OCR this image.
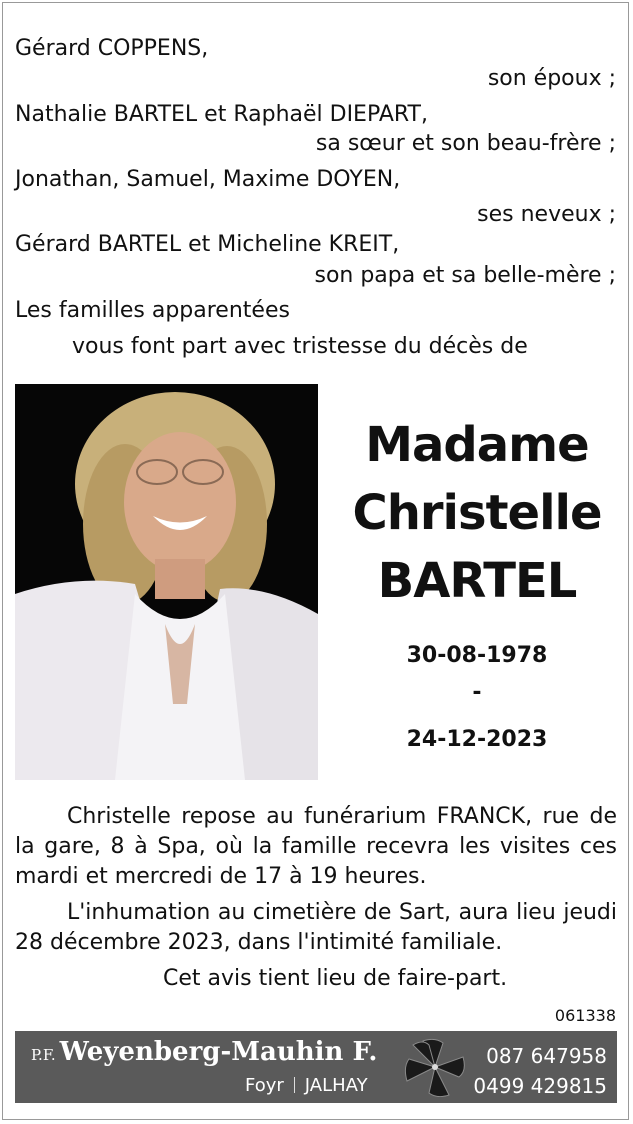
Gérard COPPENS,
son époux ;
Nathalie BARTEL et Raphaël DIEPART,
sa sœur et son beau-frère ;
Jonathan, Samuel, Maxime DOYEN,
ses neveux ;
Gérard BARTEL et Micheline KREIT,
son papa et sa belle-mère ;
Les familles apparentées
vous font part avec tristesse du décès de
Madame
Christelle
BARTEL
30-08-1978
-
24-12-2023
Christelle repose au funérarium FRANCK, rue de la gare, 8 à Spa, où la famille recevra les visites ces mardi et mercredi de 17 à 19 heures.
L'inhumation au cimetière de Sart, aura lieu jeudi 28 décembre 2023, dans l'intimité familiale.
Cet avis tient lieu de faire-part.
061338
P.F. Weyenberg-Mauhin F.
Foyr JALHAY
087 647958
0499 429815
